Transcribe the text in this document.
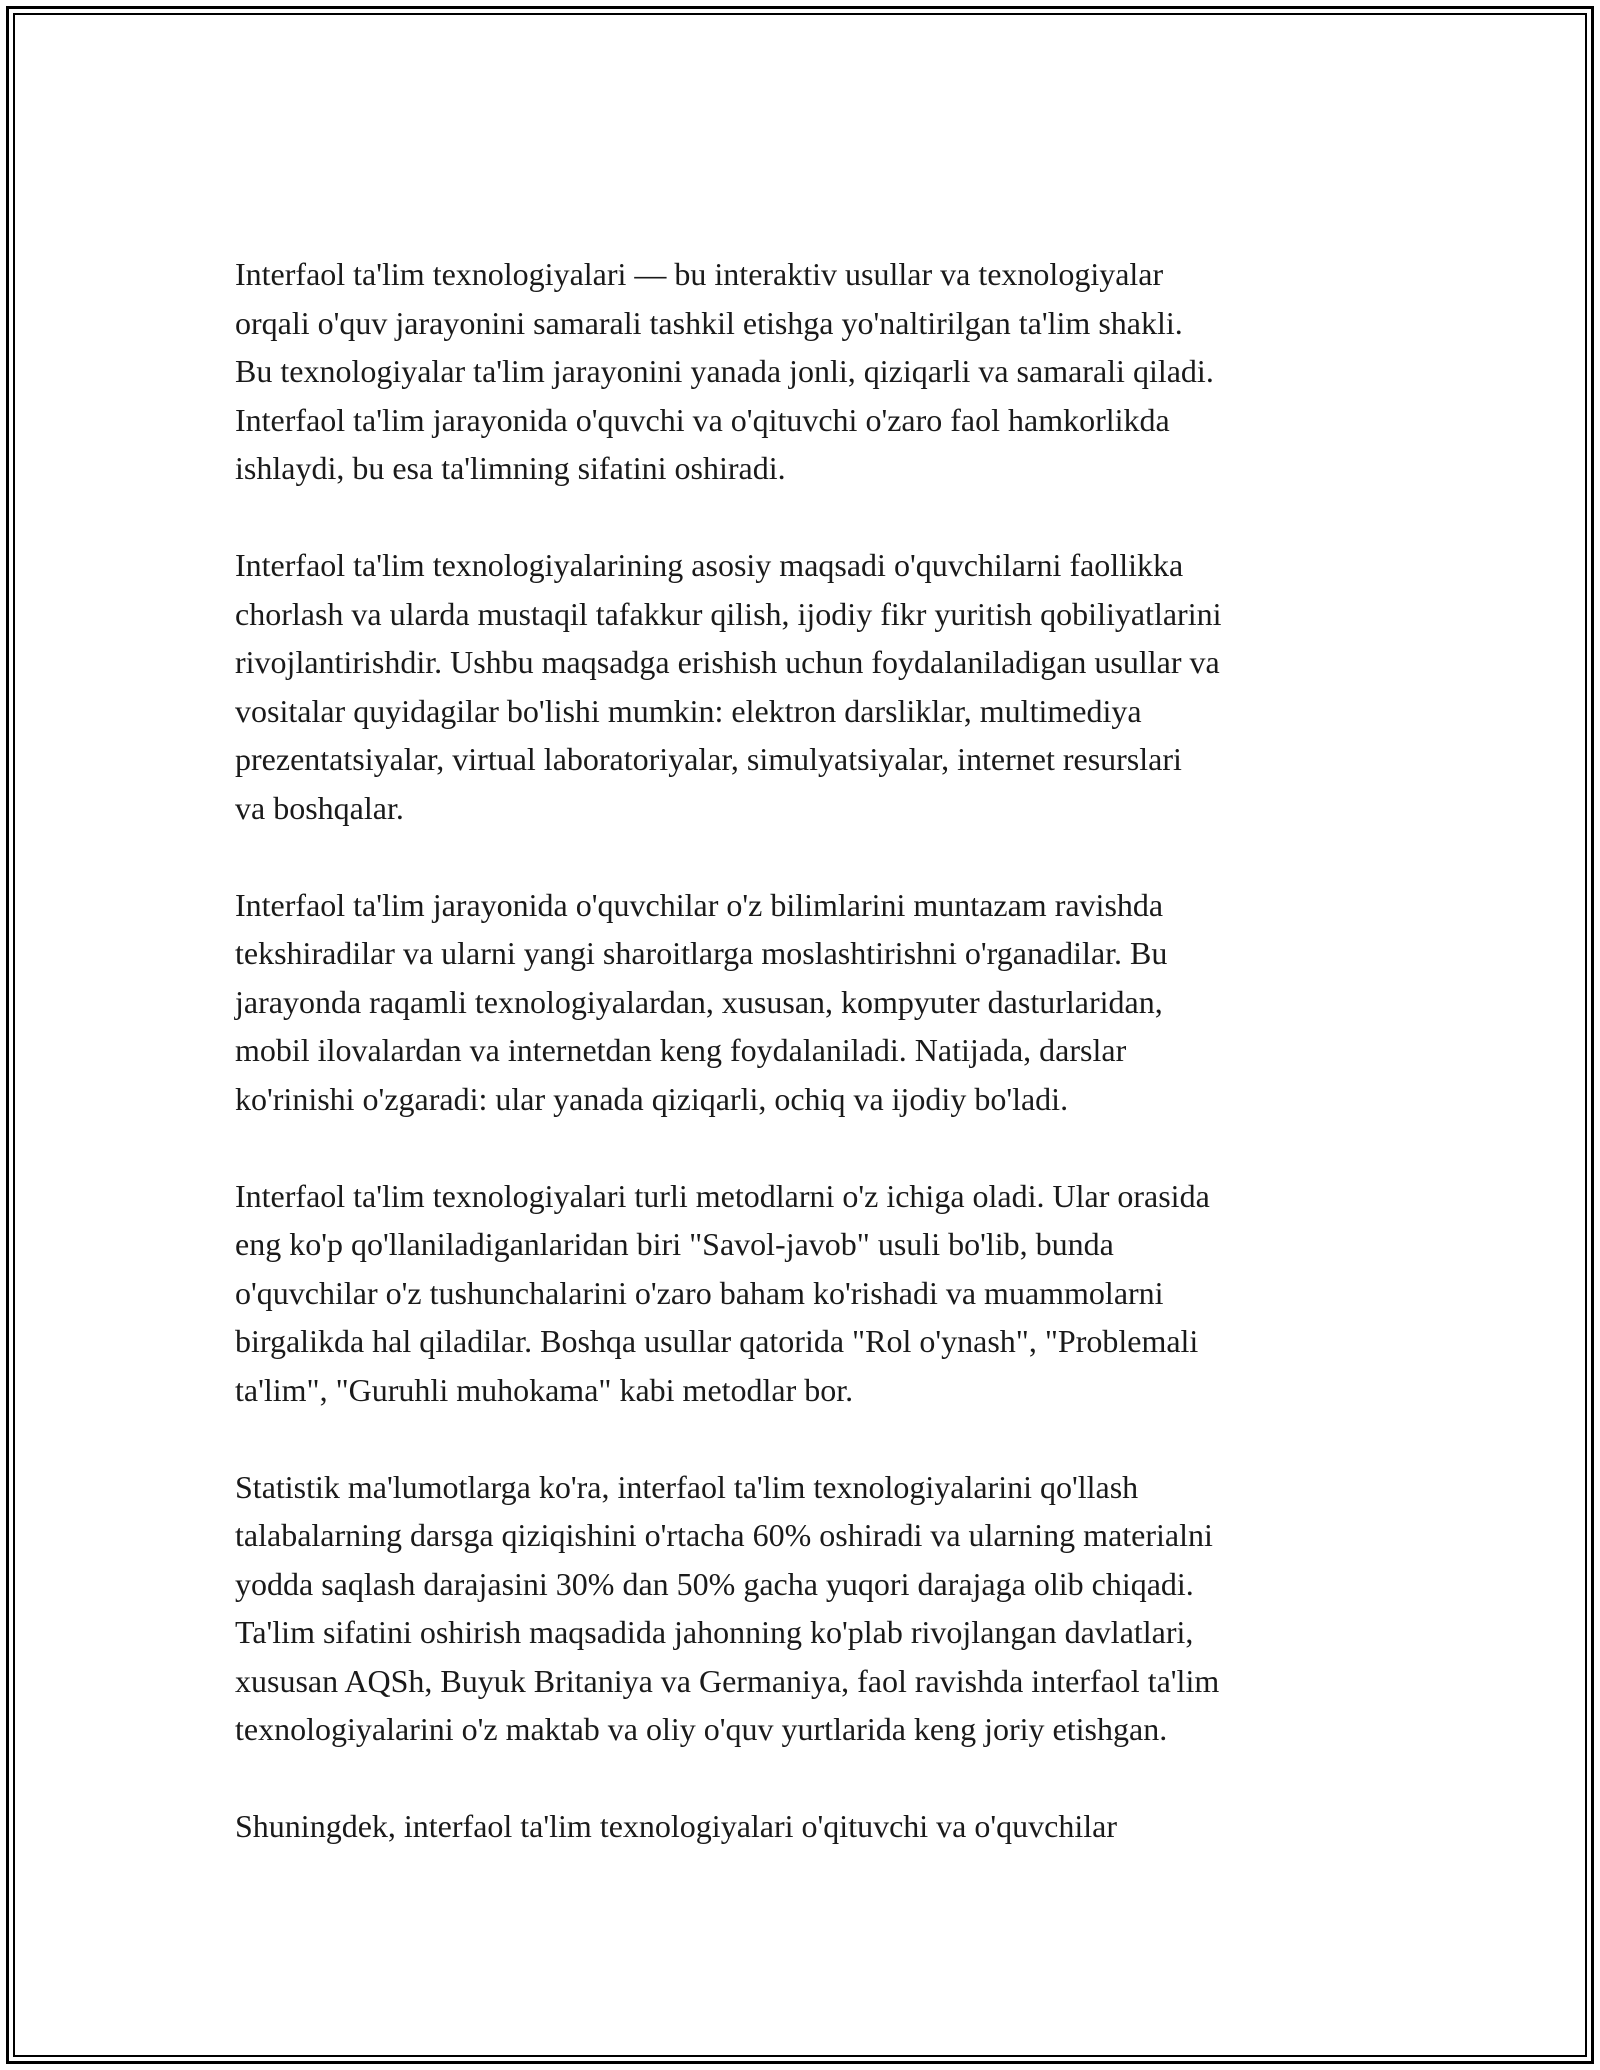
Interfaol ta'lim texnologiyalari — bu interaktiv usullar va texnologiyalar
orqali o'quv jarayonini samarali tashkil etishga yo'naltirilgan ta'lim shakli.
Bu texnologiyalar ta'lim jarayonini yanada jonli, qiziqarli va samarali qiladi.
Interfaol ta'lim jarayonida o'quvchi va o'qituvchi o'zaro faol hamkorlikda
ishlaydi, bu esa ta'limning sifatini oshiradi.

Interfaol ta'lim texnologiyalarining asosiy maqsadi o'quvchilarni faollikka
chorlash va ularda mustaqil tafakkur qilish, ijodiy fikr yuritish qobiliyatlarini
rivojlantirishdir. Ushbu maqsadga erishish uchun foydalaniladigan usullar va
vositalar quyidagilar bo'lishi mumkin: elektron darsliklar, multimediya
prezentatsiyalar, virtual laboratoriyalar, simulyatsiyalar, internet resurslari
va boshqalar.

Interfaol ta'lim jarayonida o'quvchilar o'z bilimlarini muntazam ravishda
tekshiradilar va ularni yangi sharoitlarga moslashtirishni o'rganadilar. Bu
jarayonda raqamli texnologiyalardan, xususan, kompyuter dasturlaridan,
mobil ilovalardan va internetdan keng foydalaniladi. Natijada, darslar
ko'rinishi o'zgaradi: ular yanada qiziqarli, ochiq va ijodiy bo'ladi.

Interfaol ta'lim texnologiyalari turli metodlarni o'z ichiga oladi. Ular orasida
eng ko'p qo'llaniladiganlaridan biri "Savol-javob" usuli bo'lib, bunda
o'quvchilar o'z tushunchalarini o'zaro baham ko'rishadi va muammolarni
birgalikda hal qiladilar. Boshqa usullar qatorida "Rol o'ynash", "Problemali
ta'lim", "Guruhli muhokama" kabi metodlar bor.

Statistik ma'lumotlarga ko'ra, interfaol ta'lim texnologiyalarini qo'llash
talabalarning darsga qiziqishini o'rtacha 60% oshiradi va ularning materialni
yodda saqlash darajasini 30% dan 50% gacha yuqori darajaga olib chiqadi.
Ta'lim sifatini oshirish maqsadida jahonning ko'plab rivojlangan davlatlari,
xususan AQSh, Buyuk Britaniya va Germaniya, faol ravishda interfaol ta'lim
texnologiyalarini o'z maktab va oliy o'quv yurtlarida keng joriy etishgan.

Shuningdek, interfaol ta'lim texnologiyalari o'qituvchi va o'quvchilar
